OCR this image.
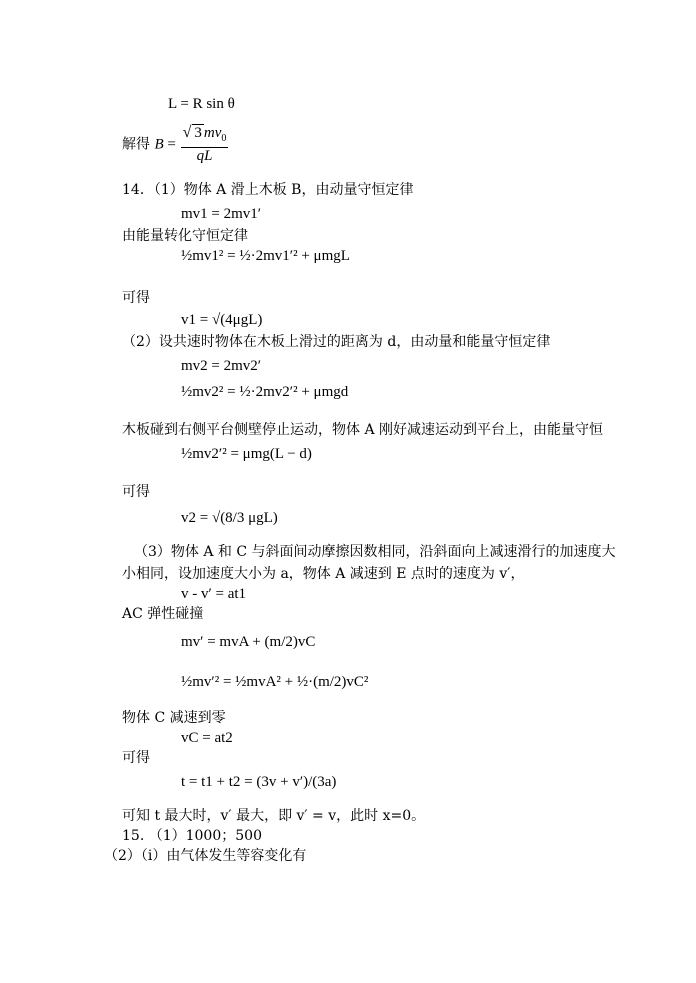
L = R sin θ
解得 $B = \frac{√ 3 mv_0}{qL}$
14．（1）物体 A 滑上木板 B，由动量守恒定律
mv1 = 2mv1′
由能量转化守恒定律
½mv1² = ½·2mv1′² + μmgL
可得
v1 = √(4μgL)
（2）设共速时物体在木板上滑过的距离为 d，由动量和能量守恒定律
mv2 = 2mv2′
½mv2² = ½·2mv2′² + μmgd
木板碰到右侧平台侧壁停止运动，物体 A 刚好减速运动到平台上，由能量守恒
½mv2′² = μmg(L − d)
可得
v2 = √(8/3 μgL)
（3）物体 A 和 C 与斜面间动摩擦因数相同，沿斜面向上减速滑行的加速度大
小相同，设加速度大小为 a，物体 A 减速到 E 点时的速度为 v′，
v - v′ = at1
AC 弹性碰撞
mv′ = mvA + (m/2)vC
½mv′² = ½mvA² + ½·(m/2)vC²
物体 C 减速到零
vC = at2
可得
t = t1 + t2 = (3v + v′)/(3a)
可知 t 最大时，v′ 最大，即 v′ = v，此时 x=0。
15. （1）1000；500
（2）（i）由气体发生等容变化有
